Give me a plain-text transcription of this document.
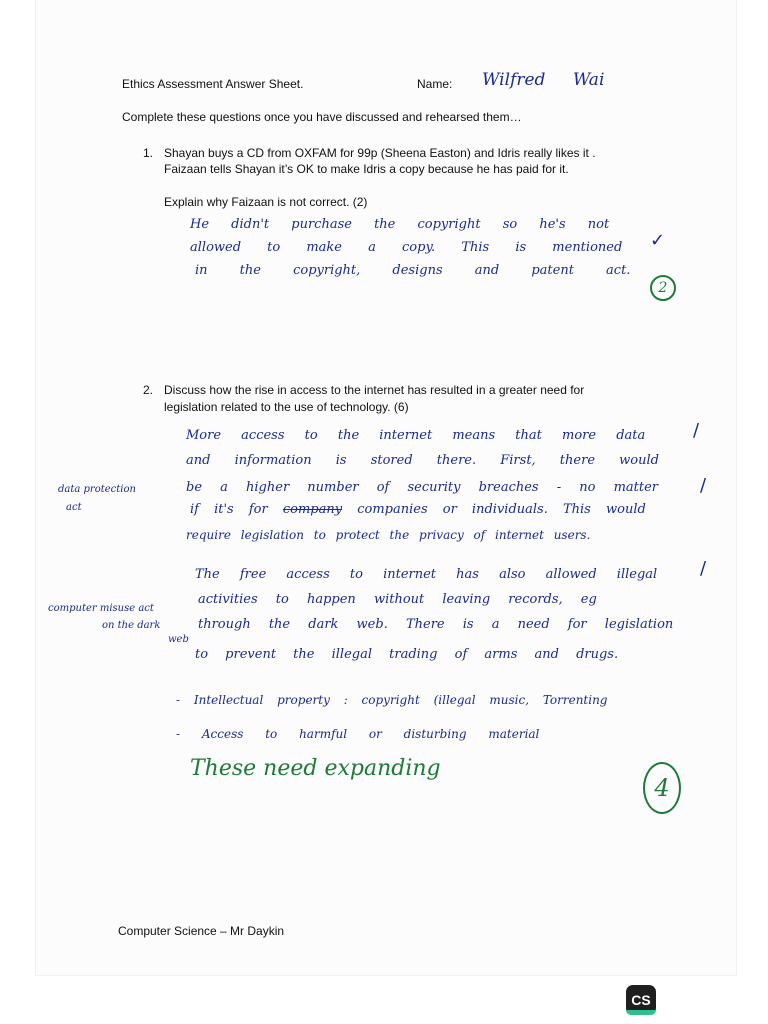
Ethics Assessment Answer Sheet.	Name: Wilfred Wai
Complete these questions once you have discussed and rehearsed them…
1. Shayan buys a CD from OXFAM for 99p (Sheena Easton) and Idris really likes it .
Faizaan tells Shayan it’s OK to make Idris a copy because he has paid for it.
Explain why Faizaan is not correct. (2)
He didn't purchase the copyright so he's not
allowed to make a copy. This is mentioned ✓
in the copyright, designs and patent act.
2
2. Discuss how the rise in access to the internet has resulted in a greater need for
legislation related to the use of technology. (6)
More access to the internet means that more data	/
and information is stored there. First, there would
be a higher number of security breaches - no matter /
if it's for company companies or individuals. This would
require legislation to protect the privacy of internet users.
data protection
act
The free access to internet has also allowed illegal /
activities to happen without leaving records, eg
computer misuse act
on the dark
web
through the dark web. There is a need for legislation
to prevent the illegal trading of arms and drugs.
- Intellectual property : copyright (illegal music, Torrenting
- Access to harmful or disturbing material
These need expanding
4
Computer Science – Mr Daykin
CS
